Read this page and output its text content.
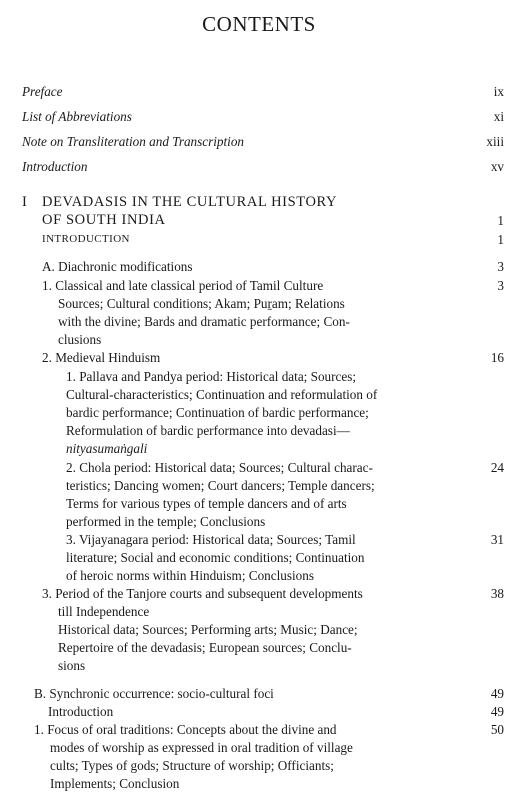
CONTENTS
Preface	ix
List of Abbreviations	xi
Note on Transliteration and Transcription	xiii
Introduction	xv
I DEVADASIS IN THE CULTURAL HISTORY
OF SOUTH INDIA	1
INTRODUCTION	1
A. Diachronic modifications	3
1. Classical and late classical period of Tamil Culture	3
Sources; Cultural conditions; Akam; Puṟam; Relations
with the divine; Bards and dramatic performance; Con-
clusions
2. Medieval Hinduism	16
1. Pallava and Pandya period: Historical data; Sources;
Cultural-characteristics; Continuation and reformulation of
bardic performance; Continuation of bardic performance;
Reformulation of bardic performance into devadasi—
nityasumaṅgali
2. Chola period: Historical data; Sources; Cultural charac-	24
teristics; Dancing women; Court dancers; Temple dancers;
Terms for various types of temple dancers and of arts
performed in the temple; Conclusions
3. Vijayanagara period: Historical data; Sources; Tamil	31
literature; Social and economic conditions; Continuation
of heroic norms within Hinduism; Conclusions
3. Period of the Tanjore courts and subsequent developments	38
till Independence
Historical data; Sources; Performing arts; Music; Dance;
Repertoire of the devadasis; European sources; Conclu-
sions
B. Synchronic occurrence: socio-cultural foci	49
Introduction	49
1. Focus of oral traditions: Concepts about the divine and	50
modes of worship as expressed in oral tradition of village
cults; Types of gods; Structure of worship; Officiants;
Implements; Conclusion
